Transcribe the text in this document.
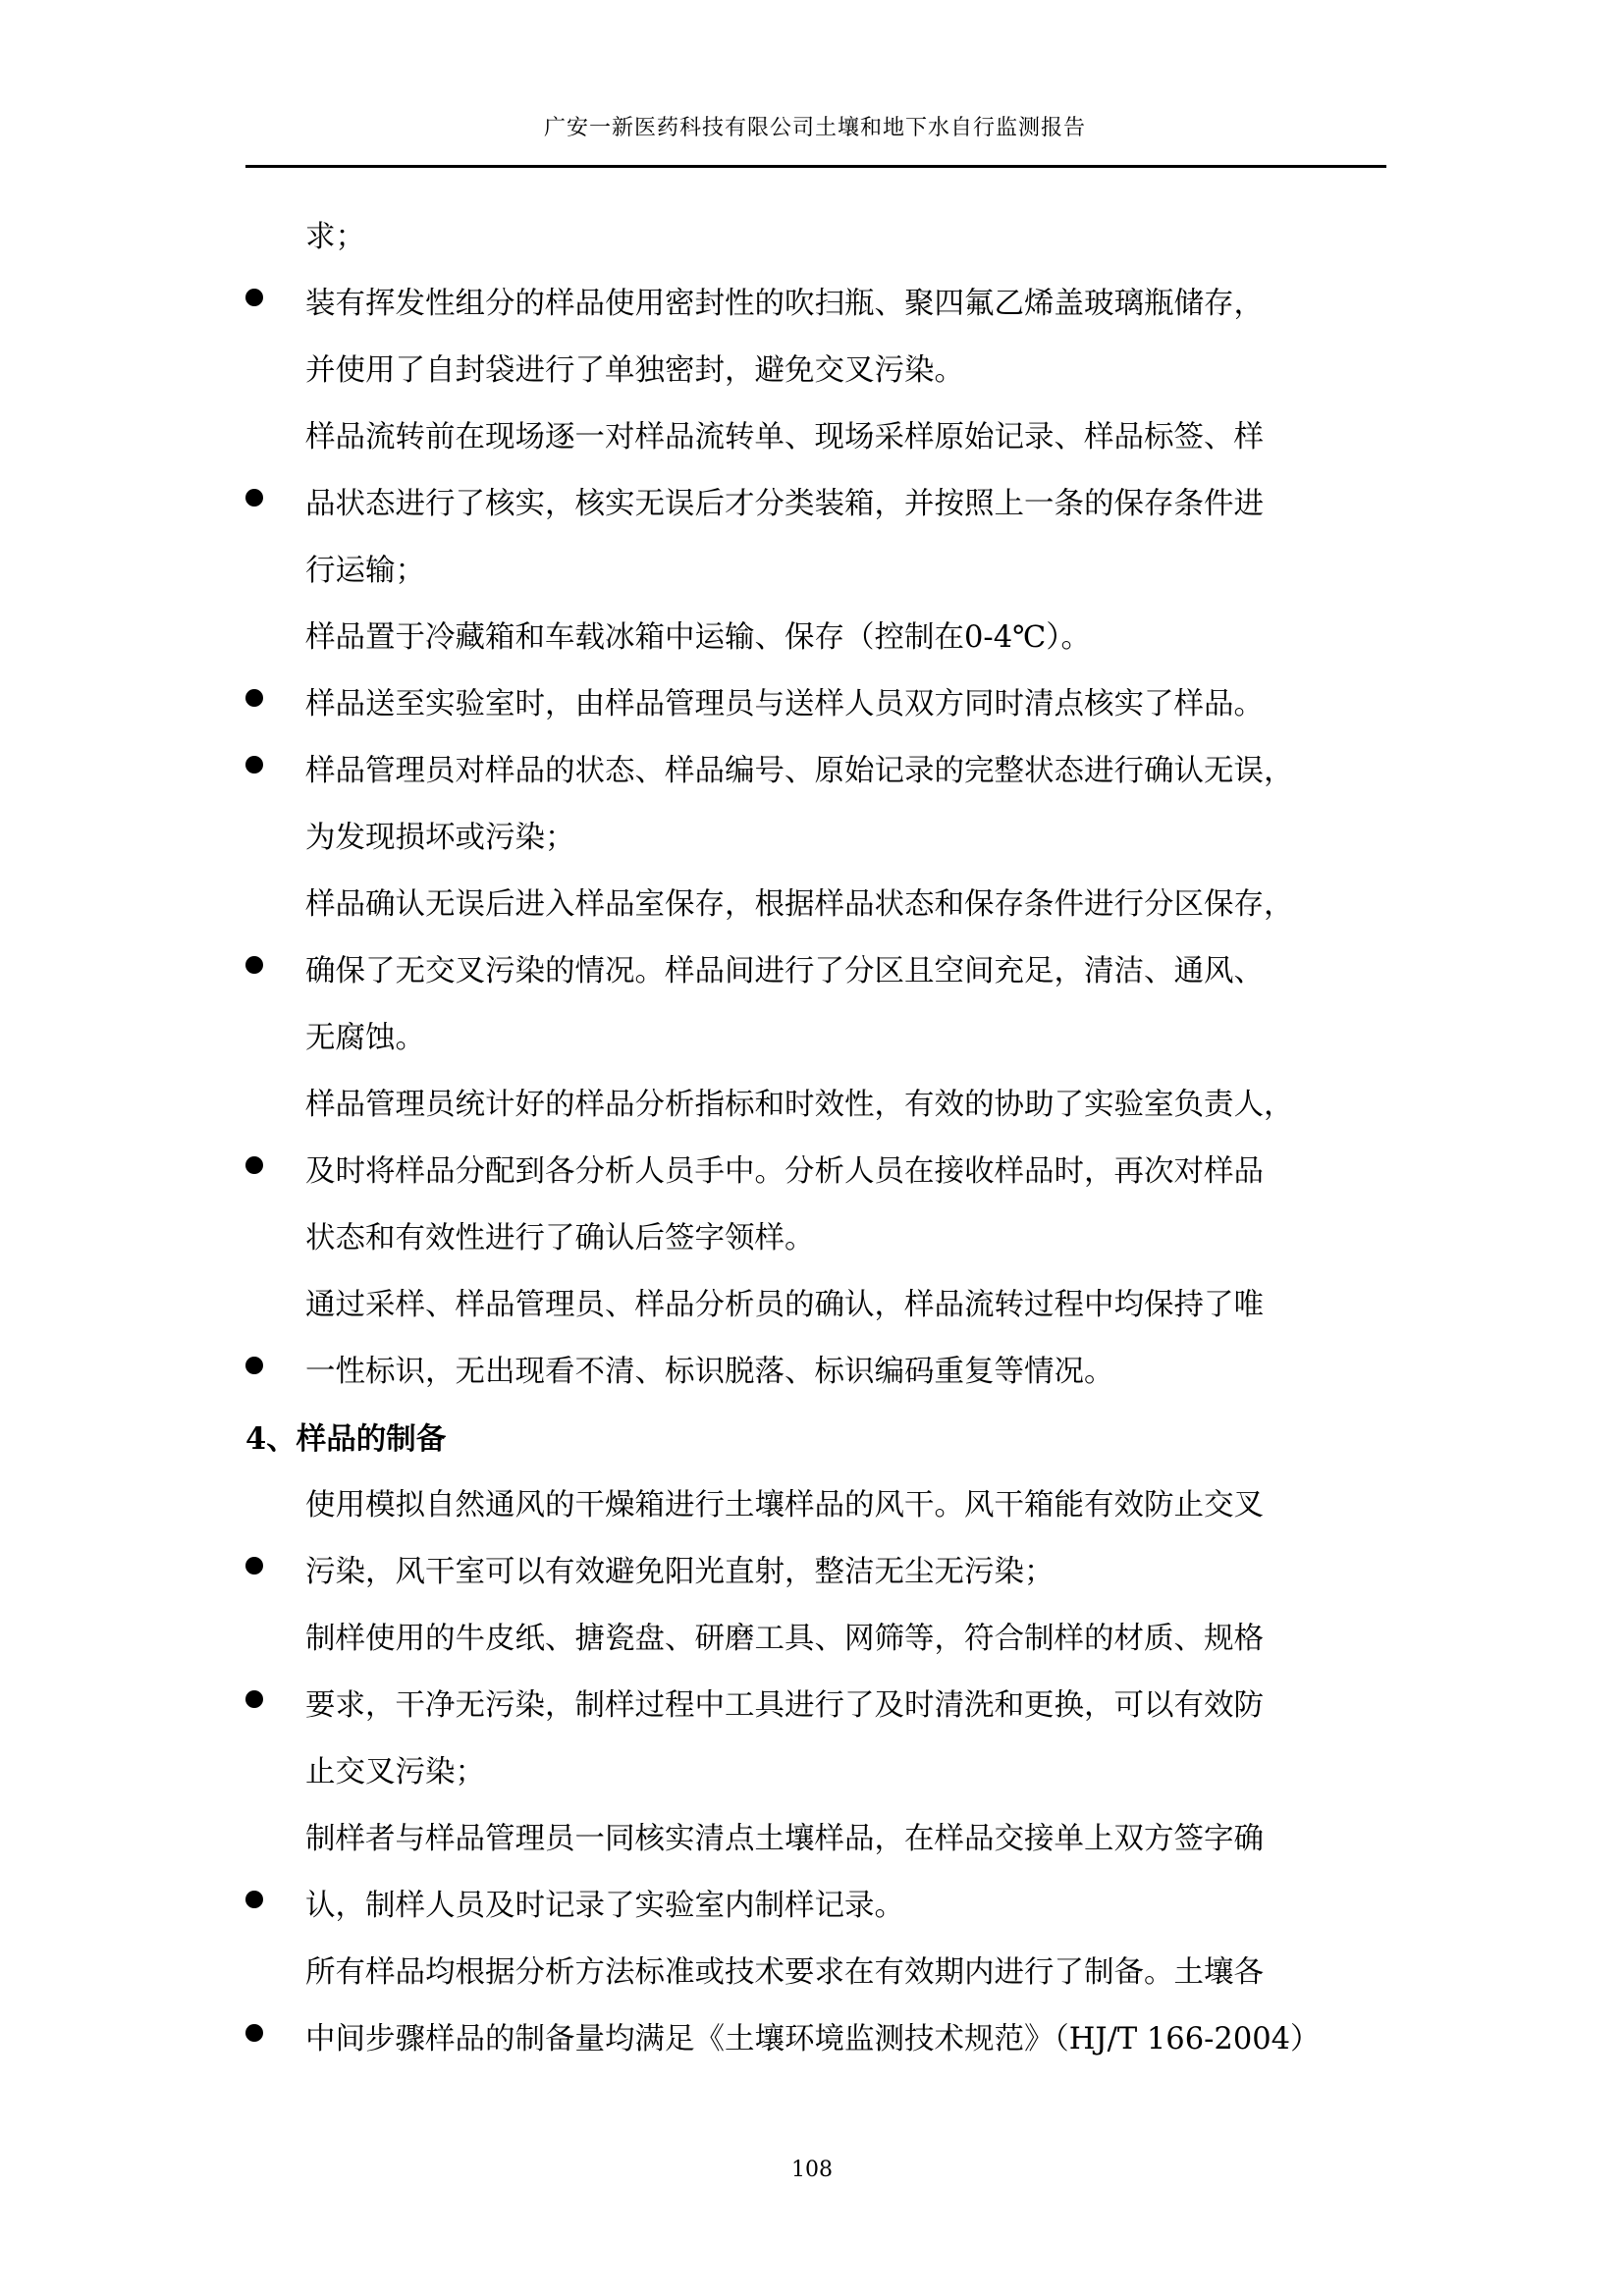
广安一新医药科技有限公司土壤和地下水自行监测报告
求；
装有挥发性组分的样品使用密封性的吹扫瓶、聚四氟乙烯盖玻璃瓶储存，
并使用了自封袋进行了单独密封，避免交叉污染。
样品流转前在现场逐一对样品流转单、现场采样原始记录、样品标签、样
品状态进行了核实，核实无误后才分类装箱，并按照上一条的保存条件进
行运输；
样品置于冷藏箱和车载冰箱中运输、保存（控制在0-4℃）。
样品送至实验室时，由样品管理员与送样人员双方同时清点核实了样品。
样品管理员对样品的状态、样品编号、原始记录的完整状态进行确认无误，
为发现损坏或污染；
样品确认无误后进入样品室保存，根据样品状态和保存条件进行分区保存，
确保了无交叉污染的情况。样品间进行了分区且空间充足，清洁、通风、
无腐蚀。
样品管理员统计好的样品分析指标和时效性，有效的协助了实验室负责人，
及时将样品分配到各分析人员手中。分析人员在接收样品时，再次对样品
状态和有效性进行了确认后签字领样。
通过采样、样品管理员、样品分析员的确认，样品流转过程中均保持了唯
一性标识，无出现看不清、标识脱落、标识编码重复等情况。
4、样品的制备
使用模拟自然通风的干燥箱进行土壤样品的风干。风干箱能有效防止交叉
污染，风干室可以有效避免阳光直射，整洁无尘无污染；
制样使用的牛皮纸、搪瓷盘、研磨工具、网筛等，符合制样的材质、规格
要求，干净无污染，制样过程中工具进行了及时清洗和更换，可以有效防
止交叉污染；
制样者与样品管理员一同核实清点土壤样品，在样品交接单上双方签字确
认，制样人员及时记录了实验室内制样记录。
所有样品均根据分析方法标准或技术要求在有效期内进行了制备。土壤各
中间步骤样品的制备量均满足《土壤环境监测技术规范》（HJ/T 166-2004）
108
